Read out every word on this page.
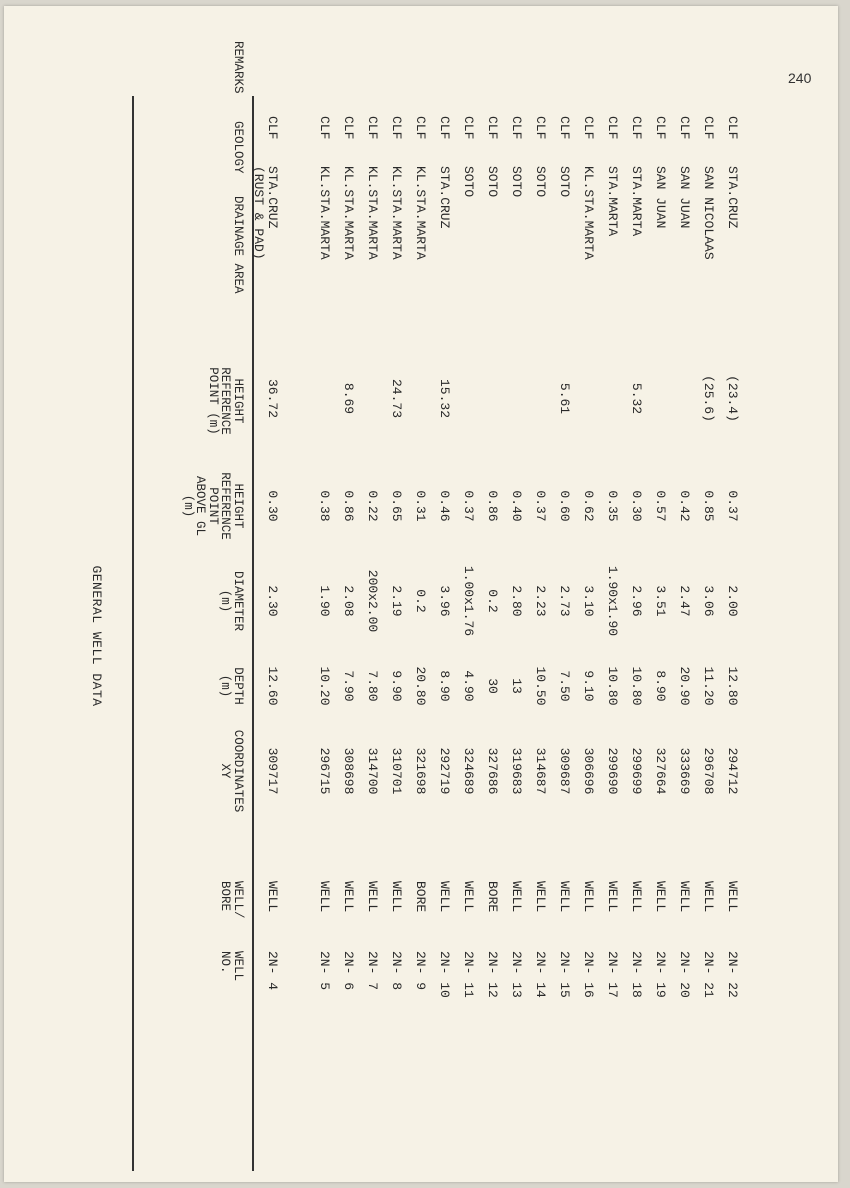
240
GENERAL WELL DATA
WELL
NO.
WELL/
BORE
COORDINATES
XY
DEPTH
(m)
DIAMETER
(m)
HEIGHT
REFERENCE
POINT
ABOVE GL
(m)
HEIGHT
REFERENCE
POINT (m)
DRAINAGE AREA
GEOLOGY
REMARKS
2N- 4
WELL
309717
12.60
2.30
0.30
36.72
STA.CRUZ
(RUST & PAD)
CLF
2N- 5
WELL
296715
10.20
1.90
0.38
KL.STA.MARTA
CLF
2N- 6
WELL
308698
7.90
2.08
0.86
8.69
KL.STA.MARTA
CLF
2N- 7
WELL
314700
7.80
200x2.00
0.22
KL.STA.MARTA
CLF
2N- 8
WELL
310701
9.90
2.19
0.65
24.73
KL.STA.MARTA
CLF
2N- 9
BORE
321698
20.80
0.2
0.31
KL.STA.MARTA
CLF
2N- 10
WELL
292719
8.90
3.96
0.46
15.32
STA.CRUZ
CLF
2N- 11
WELL
324689
4.90
1.00x1.76
0.37
SOTO
CLF
2N- 12
BORE
327686
30
0.2
0.86
SOTO
CLF
2N- 13
WELL
319683
13
2.80
0.40
SOTO
CLF
2N- 14
WELL
314687
10.50
2.23
0.37
SOTO
CLF
2N- 15
WELL
309687
7.50
2.73
0.60
5.61
SOTO
CLF
2N- 16
WELL
306696
9.10
3.10
0.62
KL.STA.MARTA
CLF
2N- 17
WELL
299690
10.80
1.90x1.90
0.35
STA.MARTA
CLF
2N- 18
WELL
299699
10.80
2.96
0.30
5.32
STA.MARTA
CLF
2N- 19
WELL
327664
8.90
3.51
0.57
SAN JUAN
CLF
2N- 20
WELL
333669
20.90
2.47
0.42
SAN JUAN
CLF
2N- 21
WELL
296708
11.20
3.06
0.85
(25.6)
SAN NICOLAAS
CLF
2N- 22
WELL
294712
12.80
2.00
0.37
(23.4)
STA.CRUZ
CLF
